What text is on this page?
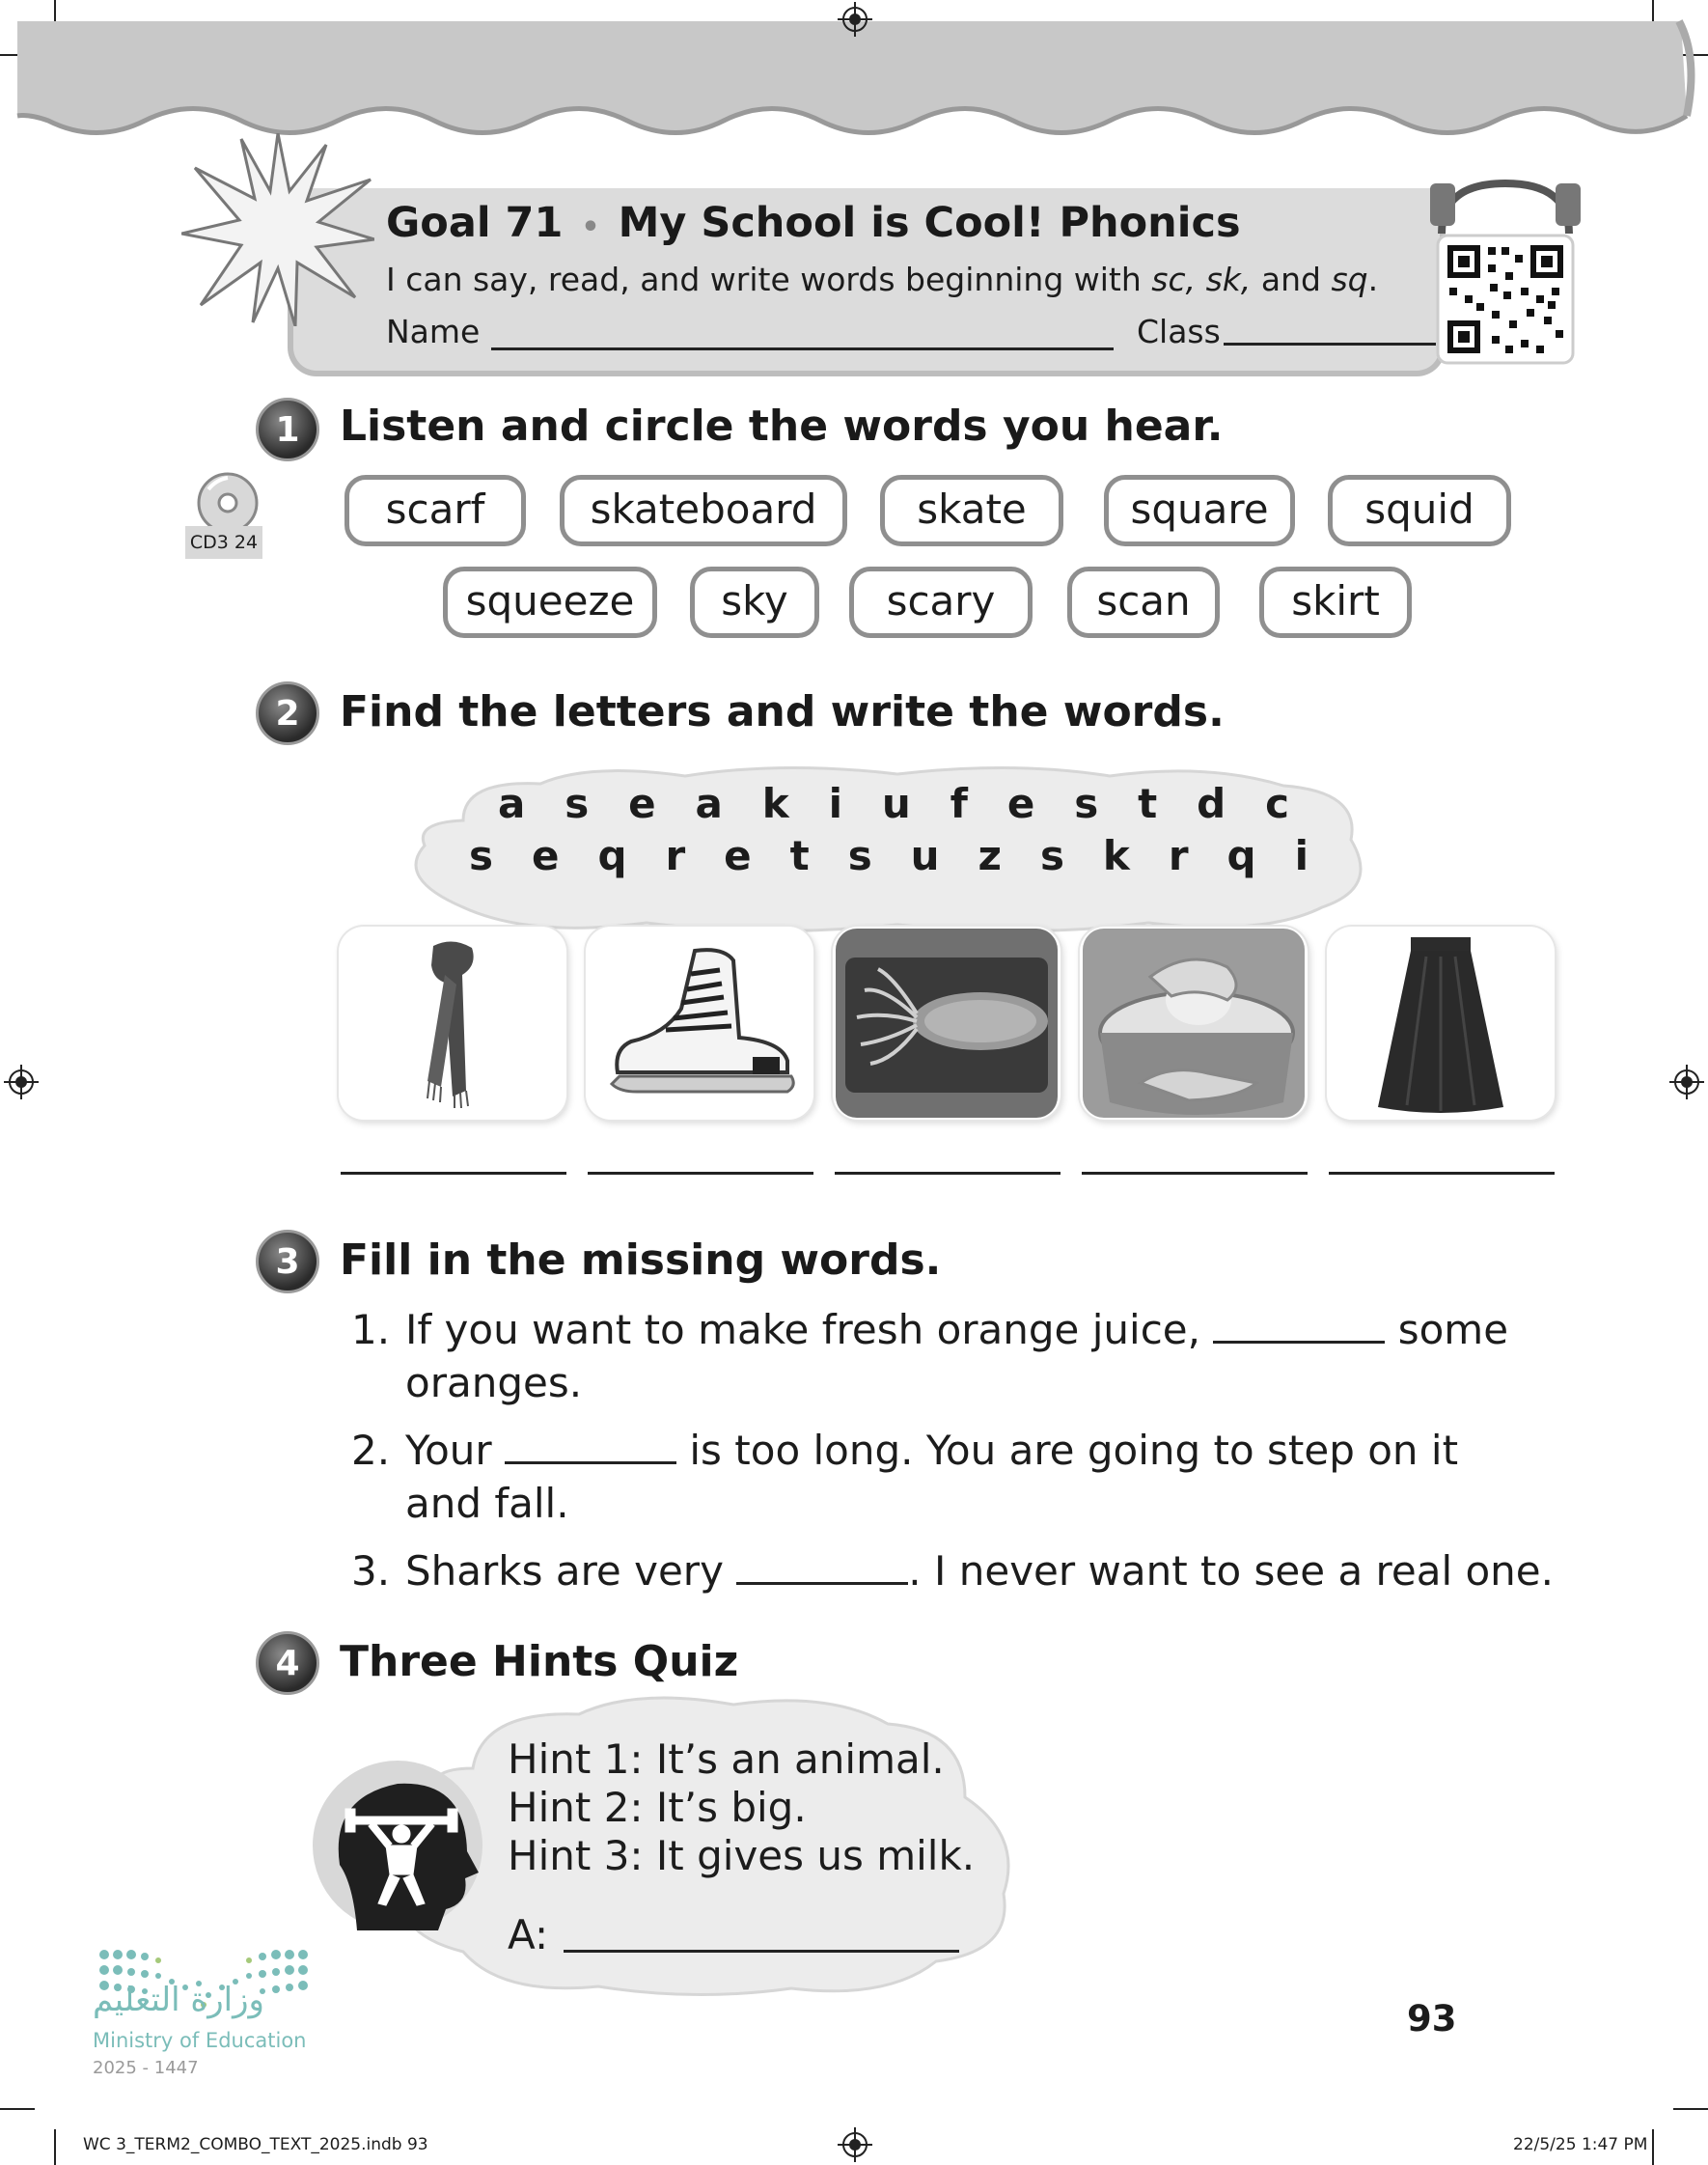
Goal 71 • My School is Cool! Phonics
I can say, read, and write words beginning with sc, sk, and sq.
Name	Class
1 Listen and circle the words you hear.
CD3 24
scarf	skateboard	skate	square	squid
squeeze	sky	scary	scan	skirt
2 Find the letters and write the words.
a s e a k i u f e s t d c
s e q r e t s u z s k r q i
3 Fill in the missing words.
1. If you want to make fresh orange juice,	some
oranges.
2. Your	is too long. You are going to step on it
and fall.
3. Sharks are very	. I never want to see a real one.
4 Three Hints Quiz
Hint 1: It’s an animal.
Hint 2: It’s big.
Hint 3: It gives us milk.
A:
وزارة التعليم
Ministry of Education
2025 - 1447
93
WC 3_TERM2_COMBO_TEXT_2025.indb 93	22/5/25 1:47 PM
